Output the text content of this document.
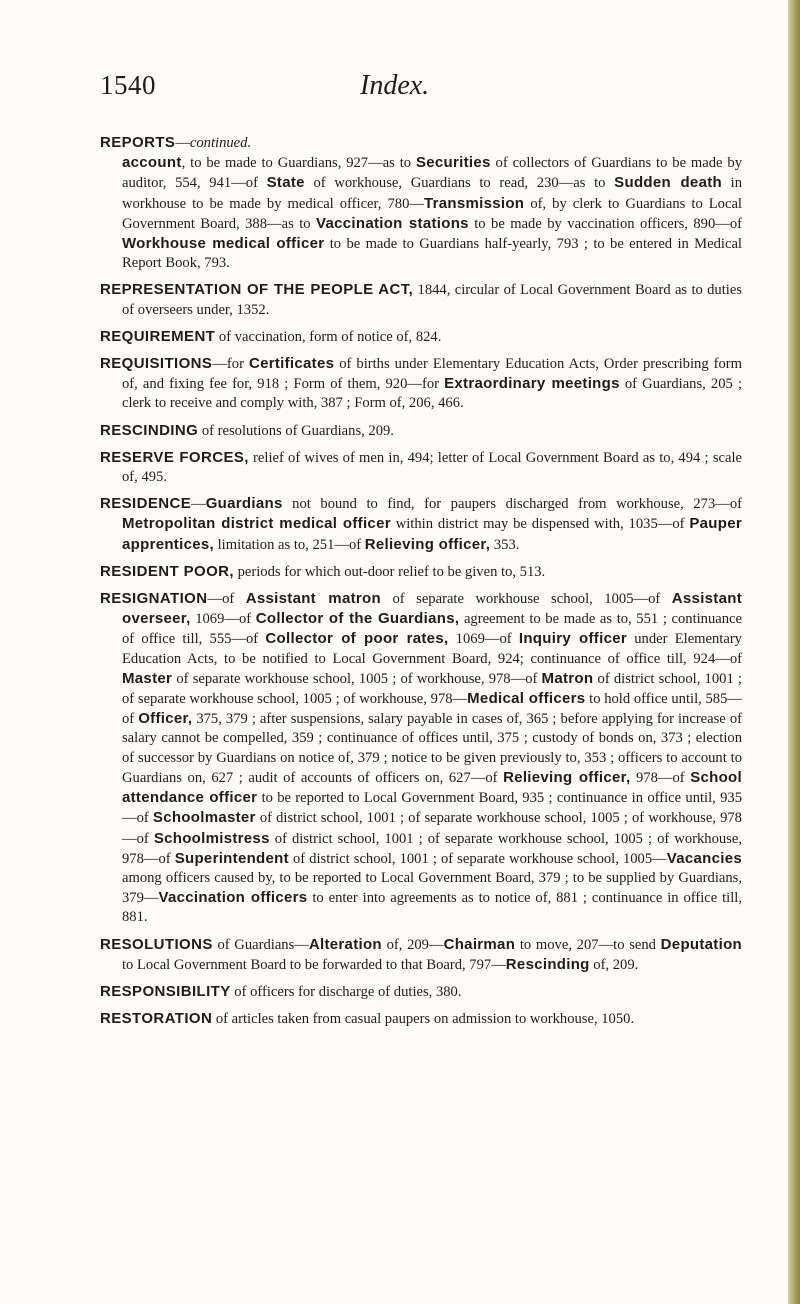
1540	Index.

REPORTS—continued.
account, to be made to Guardians, 927—as to Securities of collectors of Guardians to be made by auditor, 554, 941—of State of workhouse, Guardians to read, 230—as to Sudden death in workhouse to be made by medical officer, 780—Transmission of, by clerk to Guardians to Local Government Board, 388—as to Vaccination stations to be made by vaccination officers, 890—of Workhouse medical officer to be made to Guardians half-yearly, 793 ; to be entered in Medical Report Book, 793.

REPRESENTATION OF THE PEOPLE ACT, 1844, circular of Local Government Board as to duties of overseers under, 1352.

REQUIREMENT of vaccination, form of notice of, 824.

REQUISITIONS—for Certificates of births under Elementary Education Acts, Order prescribing form of, and fixing fee for, 918 ; Form of them, 920—for Extraordinary meetings of Guardians, 205 ; clerk to receive and comply with, 387 ; Form of, 206, 466.

RESCINDING of resolutions of Guardians, 209.

RESERVE FORCES, relief of wives of men in, 494; letter of Local Government Board as to, 494 ; scale of, 495.

RESIDENCE—Guardians not bound to find, for paupers discharged from workhouse, 273—of Metropolitan district medical officer within district may be dispensed with, 1035—of Pauper apprentices, limitation as to, 251—of Relieving officer, 353.

RESIDENT POOR, periods for which out-door relief to be given to, 513.

RESIGNATION—of Assistant matron of separate workhouse school, 1005—of Assistant overseer, 1069—of Collector of the Guardians, agreement to be made as to, 551 ; continuance of office till, 555—of Collector of poor rates, 1069—of Inquiry officer under Elementary Education Acts, to be notified to Local Government Board, 924; continuance of office till, 924—of Master of separate workhouse school, 1005 ; of workhouse, 978—of Matron of district school, 1001 ; of separate workhouse school, 1005 ; of workhouse, 978—Medical officers to hold office until, 585—of Officer, 375, 379 ; after suspensions, salary payable in cases of, 365 ; before applying for increase of salary cannot be compelled, 359 ; continuance of offices until, 375 ; custody of bonds on, 373 ; election of successor by Guardians on notice of, 379 ; notice to be given previously to, 353 ; officers to account to Guardians on, 627 ; audit of accounts of officers on, 627—of Relieving officer, 978—of School attendance officer to be reported to Local Government Board, 935 ; continuance in office until, 935—of Schoolmaster of district school, 1001 ; of separate workhouse school, 1005 ; of workhouse, 978—of Schoolmistress of district school, 1001 ; of separate workhouse school, 1005 ; of workhouse, 978—of Superintendent of district school, 1001 ; of separate workhouse school, 1005—Vacancies among officers caused by, to be reported to Local Government Board, 379 ; to be supplied by Guardians, 379—Vaccination officers to enter into agreements as to notice of, 881 ; continuance in office till, 881.

RESOLUTIONS of Guardians—Alteration of, 209—Chairman to move, 207—to send Deputation to Local Government Board to be forwarded to that Board, 797—Rescinding of, 209.

RESPONSIBILITY of officers for discharge of duties, 380.

RESTORATION of articles taken from casual paupers on admission to workhouse, 1050.
